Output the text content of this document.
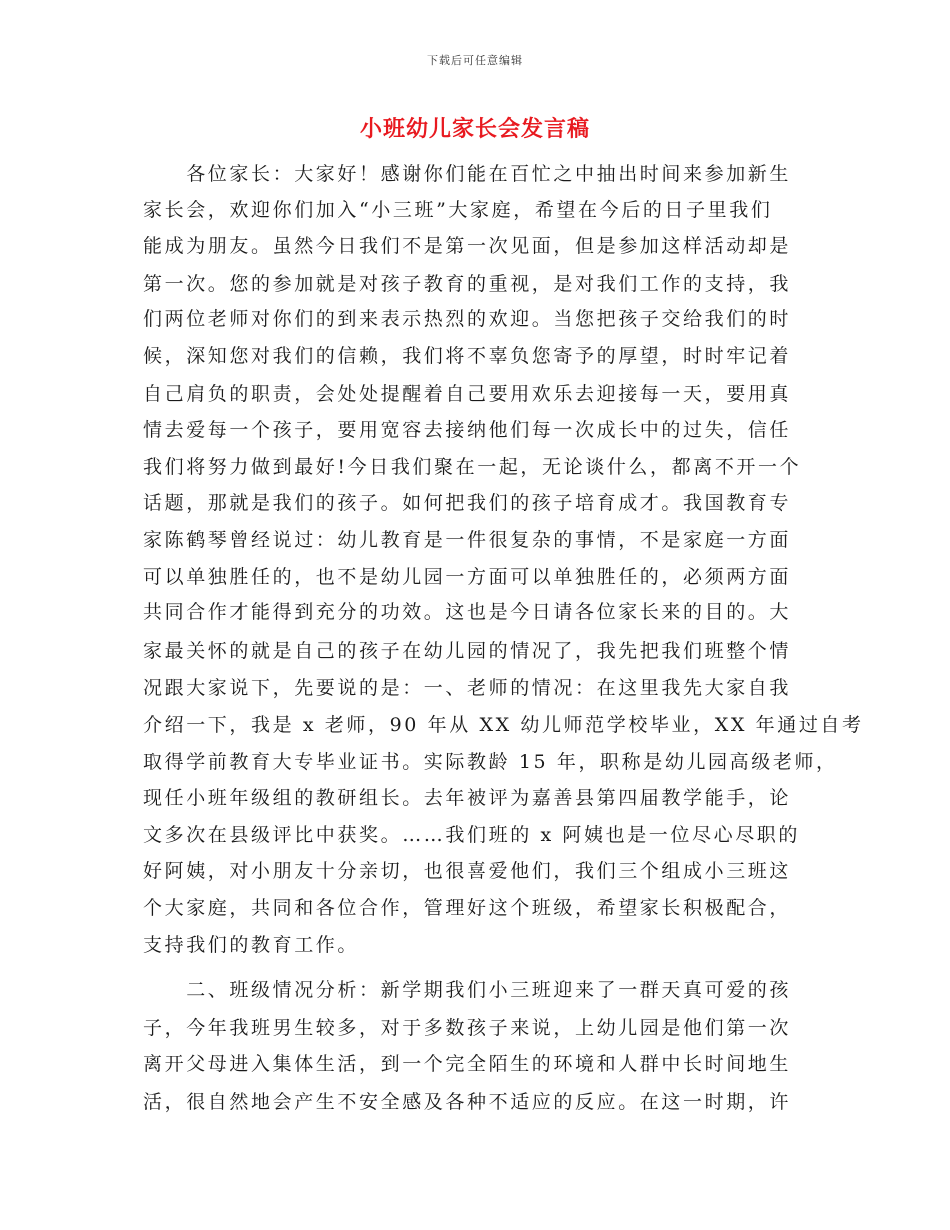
下载后可任意编辑
小班幼儿家长会发言稿
　　各位家长：大家好！感谢你们能在百忙之中抽出时间来参加新生
家长会，欢迎你们加入“小三班”大家庭，希望在今后的日子里我们
能成为朋友。虽然今日我们不是第一次见面，但是参加这样活动却是
第一次。您的参加就是对孩子教育的重视，是对我们工作的支持，我
们两位老师对你们的到来表示热烈的欢迎。当您把孩子交给我们的时
候，深知您对我们的信赖，我们将不辜负您寄予的厚望，时时牢记着
自己肩负的职责，会处处提醒着自己要用欢乐去迎接每一天，要用真
情去爱每一个孩子，要用宽容去接纳他们每一次成长中的过失，信任
我们将努力做到最好!今日我们聚在一起，无论谈什么，都离不开一个
话题，那就是我们的孩子。如何把我们的孩子培育成才。我国教育专
家陈鹤琴曾经说过：幼儿教育是一件很复杂的事情，不是家庭一方面
可以单独胜任的，也不是幼儿园一方面可以单独胜任的，必须两方面
共同合作才能得到充分的功效。这也是今日请各位家长来的目的。大
家最关怀的就是自己的孩子在幼儿园的情况了，我先把我们班整个情
况跟大家说下，先要说的是：一、老师的情况：在这里我先大家自我
介绍一下，我是 x 老师，90 年从 XX 幼儿师范学校毕业，XX 年通过自考
取得学前教育大专毕业证书。实际教龄 15 年，职称是幼儿园高级老师，
现任小班年级组的教研组长。去年被评为嘉善县第四届教学能手，论
文多次在县级评比中获奖。……我们班的 x 阿姨也是一位尽心尽职的
好阿姨，对小朋友十分亲切，也很喜爱他们，我们三个组成小三班这
个大家庭，共同和各位合作，管理好这个班级，希望家长积极配合，
支持我们的教育工作。
　　二、班级情况分析：新学期我们小三班迎来了一群天真可爱的孩
子，今年我班男生较多，对于多数孩子来说，上幼儿园是他们第一次
离开父母进入集体生活，到一个完全陌生的环境和人群中长时间地生
活，很自然地会产生不安全感及各种不适应的反应。在这一时期，许
